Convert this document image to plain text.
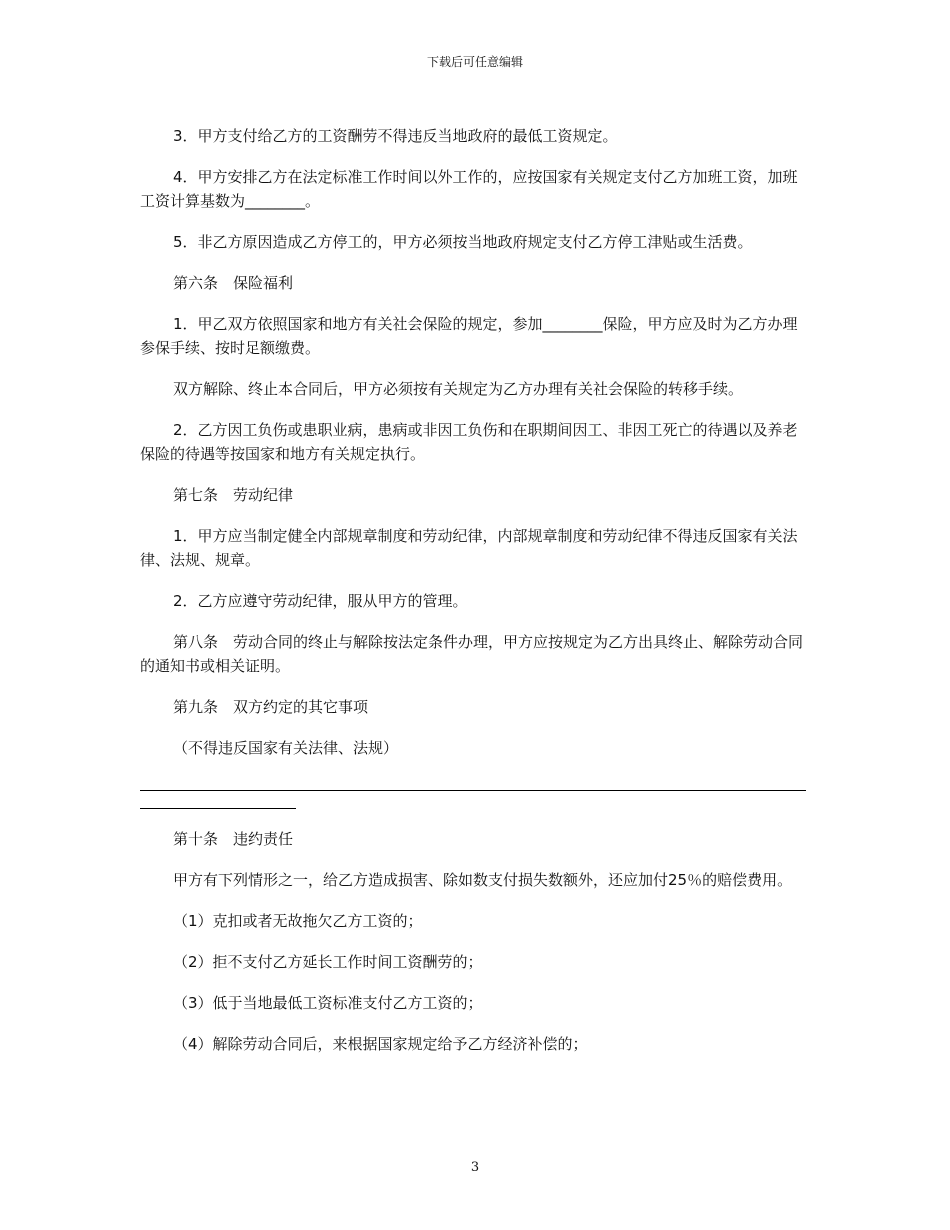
下载后可任意编辑

3．甲方支付给乙方的工资酬劳不得违反当地政府的最低工资规定。

4．甲方安排乙方在法定标准工作时间以外工作的，应按国家有关规定支付乙方加班工资，加班工资计算基数为________。

5．非乙方原因造成乙方停工的，甲方必须按当地政府规定支付乙方停工津贴或生活费。

第六条　保险福利

1．甲乙双方依照国家和地方有关社会保险的规定，参加________保险，甲方应及时为乙方办理参保手续、按时足额缴费。

双方解除、终止本合同后，甲方必须按有关规定为乙方办理有关社会保险的转移手续。

2．乙方因工负伤或患职业病，患病或非因工负伤和在职期间因工、非因工死亡的待遇以及养老保险的待遇等按国家和地方有关规定执行。

第七条　劳动纪律

1．甲方应当制定健全内部规章制度和劳动纪律，内部规章制度和劳动纪律不得违反国家有关法律、法规、规章。

2．乙方应遵守劳动纪律，服从甲方的管理。

第八条　劳动合同的终止与解除按法定条件办理，甲方应按规定为乙方出具终止、解除劳动合同的通知书或相关证明。

第九条　双方约定的其它事项

（不得违反国家有关法律、法规）

第十条　违约责任

甲方有下列情形之一，给乙方造成损害、除如数支付损失数额外，还应加付25％的赔偿费用。

（1）克扣或者无故拖欠乙方工资的；

（2）拒不支付乙方延长工作时间工资酬劳的；

（3）低于当地最低工资标准支付乙方工资的；

（4）解除劳动合同后，来根据国家规定给予乙方经济补偿的；

3
